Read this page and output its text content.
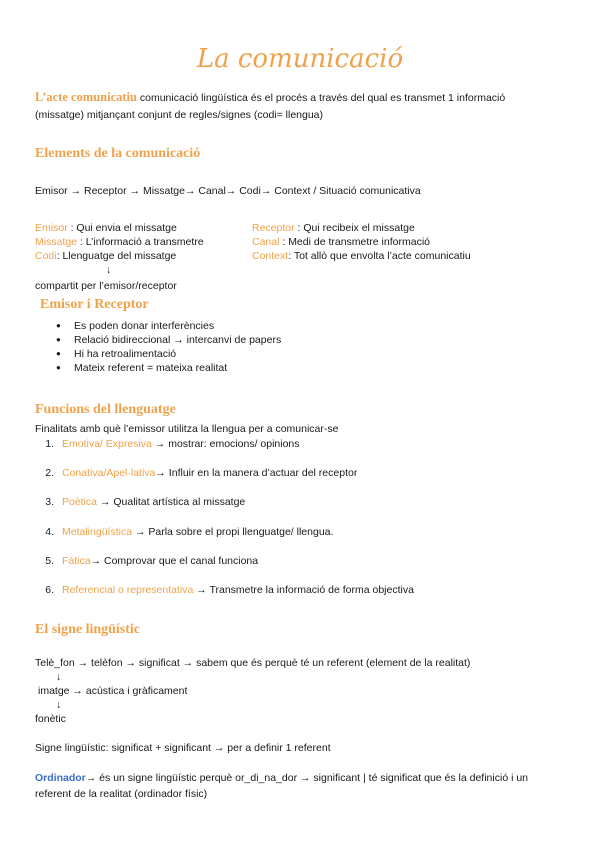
La comunicació
L’acte comunicatiu comunicació lingüística és el procés a través del qual es transmet 1 informació
(missatge) mitjançant conjunt de regles/signes (codi= llengua)
Elements de la comunicació
Emisor → Receptor → Missatge→ Canal→ Codi→ Context / Situació comunicativa
Emisor : Qui envia el missatge
Missatge : L’informació a transmetre
Codi: Llenguatge del missatge
Receptor : Qui recibeix el missatge
Canal : Medi de transmetre informació
Context: Tot allò que envolta l’acte comunicatiu
↓
compartit per l’emisor/receptor
Emisor i Receptor
● Es poden donar interferències
● Relació bidireccional → intercanvi de papers
● Hi ha retroalimentació
● Mateix referent = mateixa realitat
Funcions del llenguatge
Finalitats amb què l’emissor utilitza la llengua per a comunicar-se
1. Emotiva/ Expresiva → mostrar: emocions/ opinions
2. Conativa/Apel·lativa→ Influir en la manera d’actuar del receptor
3. Poètica → Qualitat artística al missatge
4. Metalingüística → Parla sobre el propi llenguatge/ llengua.
5. Fàtica→ Comprovar que el canal funciona
6. Referencial o representativa → Transmetre la informació de forma objectiva
El signe lingüístic
Telè_fon → telèfon → significat → sabem que és perquè té un referent (element de la realitat)
↓
imatge → acústica i gràficament
↓
fonètic
Signe lingüístic: significat + significant → per a definir 1 referent
Ordinador→ és un signe lingüístic perquè or_di_na_dor → significant | té significat que és la definició i un
referent de la realitat (ordinador físic)
